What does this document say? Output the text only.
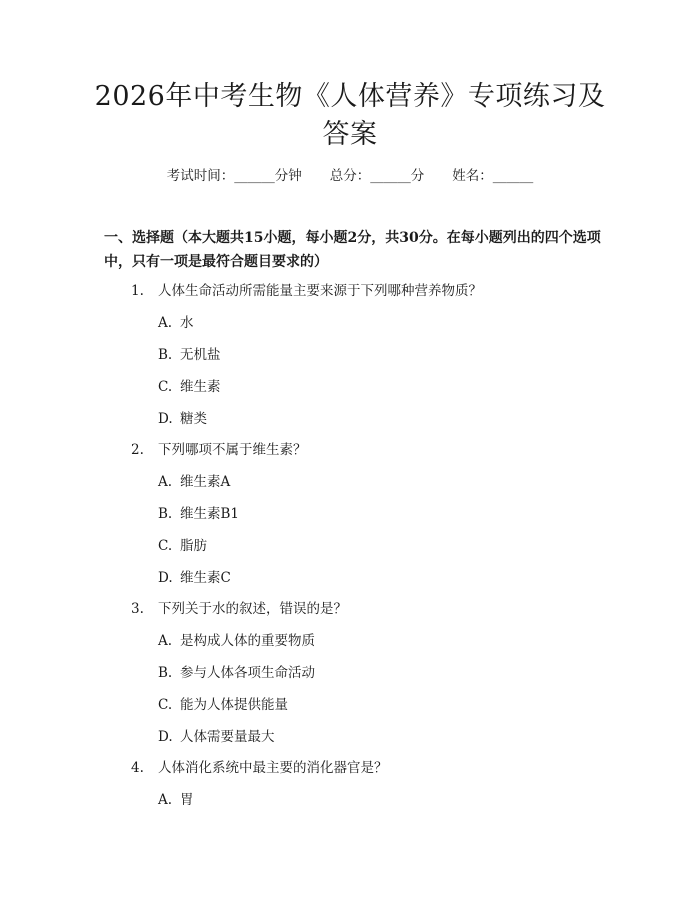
2026年中考生物《人体营养》专项练习及答案
考试时间：______分钟 总分：______分 姓名：______
一、选择题（本大题共15小题，每小题2分，共30分。在每小题列出的四个选项中，只有一项是最符合题目要求的）
1. 人体生命活动所需能量主要来源于下列哪种营养物质？
A. 水
B. 无机盐
C. 维生素
D. 糖类
2. 下列哪项不属于维生素？
A. 维生素A
B. 维生素B1
C. 脂肪
D. 维生素C
3. 下列关于水的叙述，错误的是？
A. 是构成人体的重要物质
B. 参与人体各项生命活动
C. 能为人体提供能量
D. 人体需要量最大
4. 人体消化系统中最主要的消化器官是？
A. 胃
